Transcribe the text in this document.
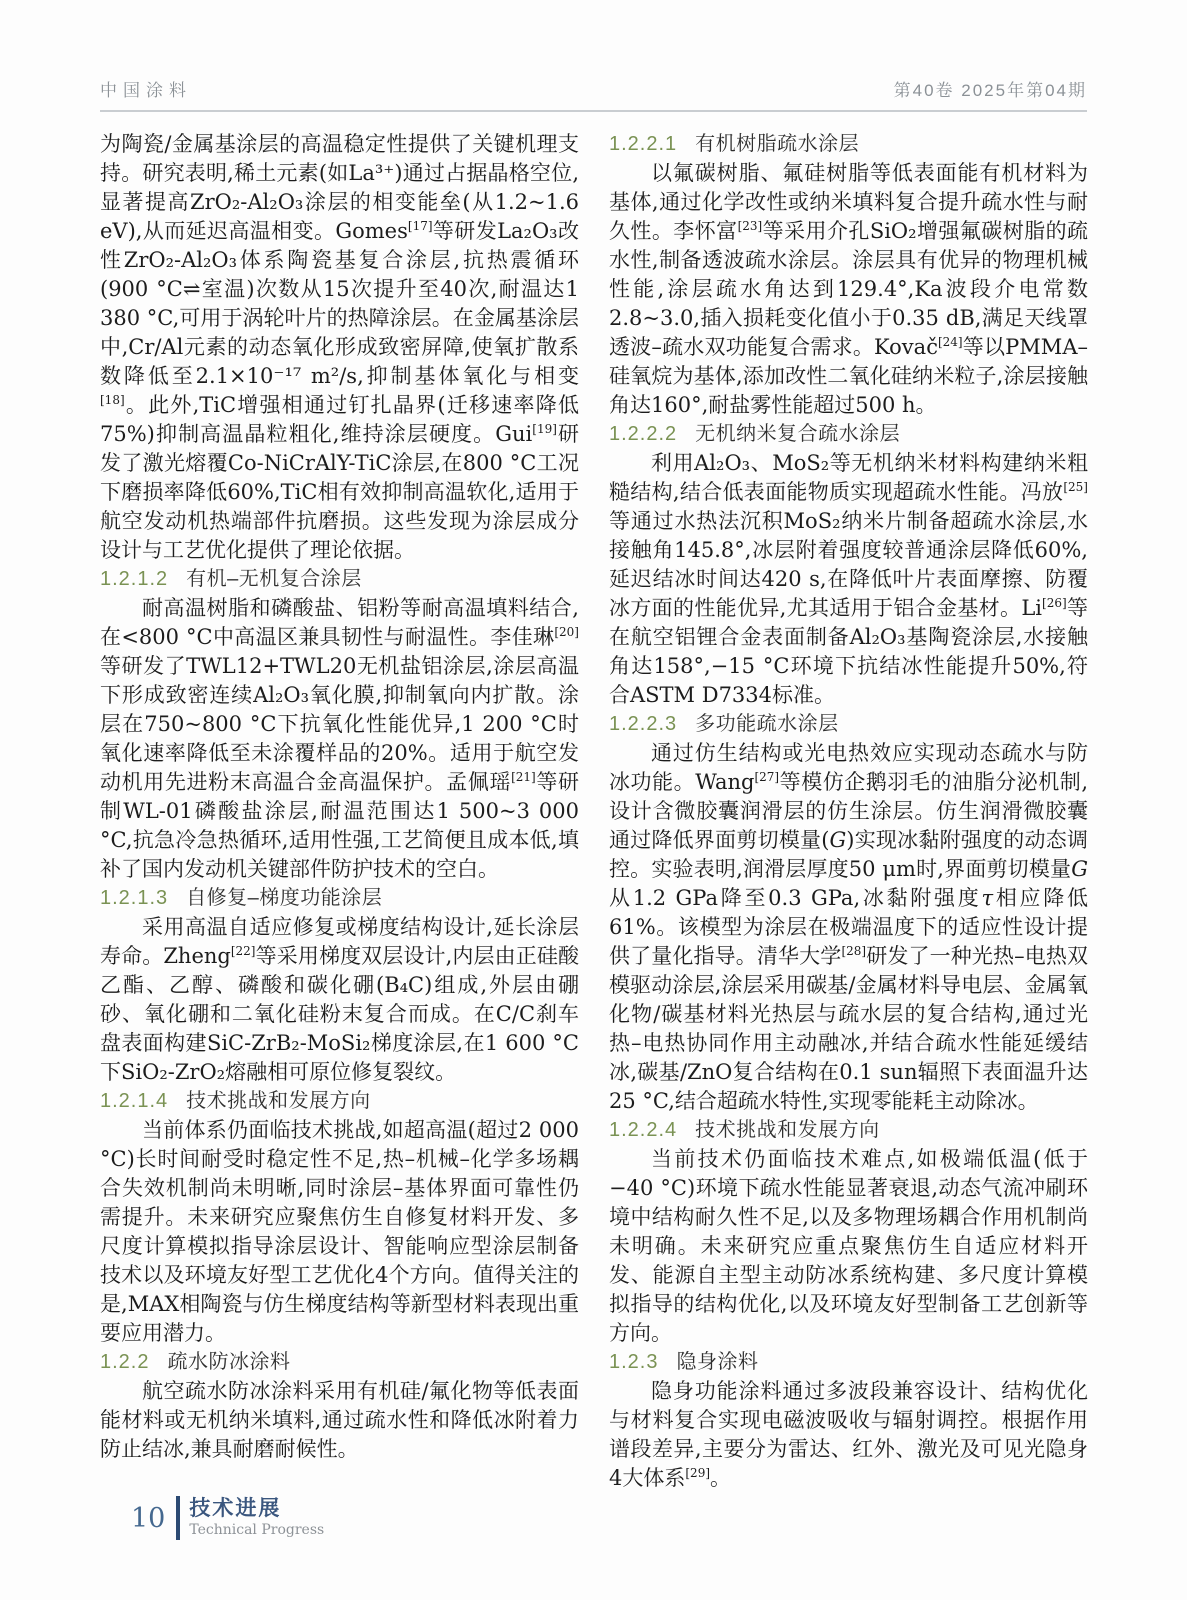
中国涂料	第40卷 2025年第04期

为陶瓷/金属基涂层的高温稳定性提供了关键机理支持。研究表明,稀土元素(如La³⁺)通过占据晶格空位,显著提高ZrO₂-Al₂O₃涂层的相变能垒(从1.2~1.6 eV),从而延迟高温相变。Gomes[17]等研发La₂O₃改性ZrO₂-Al₂O₃体系陶瓷基复合涂层,抗热震循环(900 °C⇌室温)次数从15次提升至40次,耐温达1 380 °C,可用于涡轮叶片的热障涂层。在金属基涂层中,Cr/Al元素的动态氧化形成致密屏障,使氧扩散系数降低至2.1×10⁻¹⁷ m²/s,抑制基体氧化与相变[18]。此外,TiC增强相通过钉扎晶界(迁移速率降低75%)抑制高温晶粒粗化,维持涂层硬度。Gui[19]研发了激光熔覆Co-NiCrAlY-TiC涂层,在800 °C工况下磨损率降低60%,TiC相有效抑制高温软化,适用于航空发动机热端部件抗磨损。这些发现为涂层成分设计与工艺优化提供了理论依据。

1.2.1.2 有机–无机复合涂层

耐高温树脂和磷酸盐、铝粉等耐高温填料结合,在<800 °C中高温区兼具韧性与耐温性。李佳琳[20]等研发了TWL12+TWL20无机盐铝涂层,涂层高温下形成致密连续Al₂O₃氧化膜,抑制氧向内扩散。涂层在750~800 °C下抗氧化性能优异,1 200 °C时氧化速率降低至未涂覆样品的20%。适用于航空发动机用先进粉末高温合金高温保护。孟佩瑶[21]等研制WL-01磷酸盐涂层,耐温范围达1 500~3 000 °C,抗急冷急热循环,适用性强,工艺简便且成本低,填补了国内发动机关键部件防护技术的空白。

1.2.1.3 自修复–梯度功能涂层

采用高温自适应修复或梯度结构设计,延长涂层寿命。Zheng[22]等采用梯度双层设计,内层由正硅酸乙酯、乙醇、磷酸和碳化硼(B₄C)组成,外层由硼砂、氧化硼和二氧化硅粉末复合而成。在C/C刹车盘表面构建SiC-ZrB₂-MoSi₂梯度涂层,在1 600 °C下SiO₂-ZrO₂熔融相可原位修复裂纹。

1.2.1.4 技术挑战和发展方向

当前体系仍面临技术挑战,如超高温(超过2 000 °C)长时间耐受时稳定性不足,热–机械–化学多场耦合失效机制尚未明晰,同时涂层–基体界面可靠性仍需提升。未来研究应聚焦仿生自修复材料开发、多尺度计算模拟指导涂层设计、智能响应型涂层制备技术以及环境友好型工艺优化4个方向。值得关注的是,MAX相陶瓷与仿生梯度结构等新型材料表现出重要应用潜力。

1.2.2 疏水防冰涂料

航空疏水防冰涂料采用有机硅/氟化物等低表面能材料或无机纳米填料,通过疏水性和降低冰附着力防止结冰,兼具耐磨耐候性。

1.2.2.1 有机树脂疏水涂层

以氟碳树脂、氟硅树脂等低表面能有机材料为基体,通过化学改性或纳米填料复合提升疏水性与耐久性。李怀富[23]等采用介孔SiO₂增强氟碳树脂的疏水性,制备透波疏水涂层。涂层具有优异的物理机械性能,涂层疏水角达到129.4°,Ka波段介电常数2.8~3.0,插入损耗变化值小于0.35 dB,满足天线罩透波–疏水双功能复合需求。Kovač[24]等以PMMA–硅氧烷为基体,添加改性二氧化硅纳米粒子,涂层接触角达160°,耐盐雾性能超过500 h。

1.2.2.2 无机纳米复合疏水涂层

利用Al₂O₃、MoS₂等无机纳米材料构建纳米粗糙结构,结合低表面能物质实现超疏水性能。冯放[25]等通过水热法沉积MoS₂纳米片制备超疏水涂层,水接触角145.8°,冰层附着强度较普通涂层降低60%,延迟结冰时间达420 s,在降低叶片表面摩擦、防覆冰方面的性能优异,尤其适用于铝合金基材。Li[26]等在航空铝锂合金表面制备Al₂O₃基陶瓷涂层,水接触角达158°,−15 °C环境下抗结冰性能提升50%,符合ASTM D7334标准。

1.2.2.3 多功能疏水涂层

通过仿生结构或光电热效应实现动态疏水与防冰功能。Wang[27]等模仿企鹅羽毛的油脂分泌机制,设计含微胶囊润滑层的仿生涂层。仿生润滑微胶囊通过降低界面剪切模量(G)实现冰黏附强度的动态调控。实验表明,润滑层厚度50 μm时,界面剪切模量G从1.2 GPa降至0.3 GPa,冰黏附强度τ相应降低61%。该模型为涂层在极端温度下的适应性设计提供了量化指导。清华大学[28]研发了一种光热–电热双模驱动涂层,涂层采用碳基/金属材料导电层、金属氧化物/碳基材料光热层与疏水层的复合结构,通过光热–电热协同作用主动融冰,并结合疏水性能延缓结冰,碳基/ZnO复合结构在0.1 sun辐照下表面温升达25 °C,结合超疏水特性,实现零能耗主动除冰。

1.2.2.4 技术挑战和发展方向

当前技术仍面临技术难点,如极端低温(低于−40 °C)环境下疏水性能显著衰退,动态气流冲刷环境中结构耐久性不足,以及多物理场耦合作用机制尚未明确。未来研究应重点聚焦仿生自适应材料开发、能源自主型主动防冰系统构建、多尺度计算模拟指导的结构优化,以及环境友好型制备工艺创新等方向。

1.2.3 隐身涂料

隐身功能涂料通过多波段兼容设计、结构优化与材料复合实现电磁波吸收与辐射调控。根据作用谱段差异,主要分为雷达、红外、激光及可见光隐身4大体系[29]。

10 技术进展
Technical Progress
